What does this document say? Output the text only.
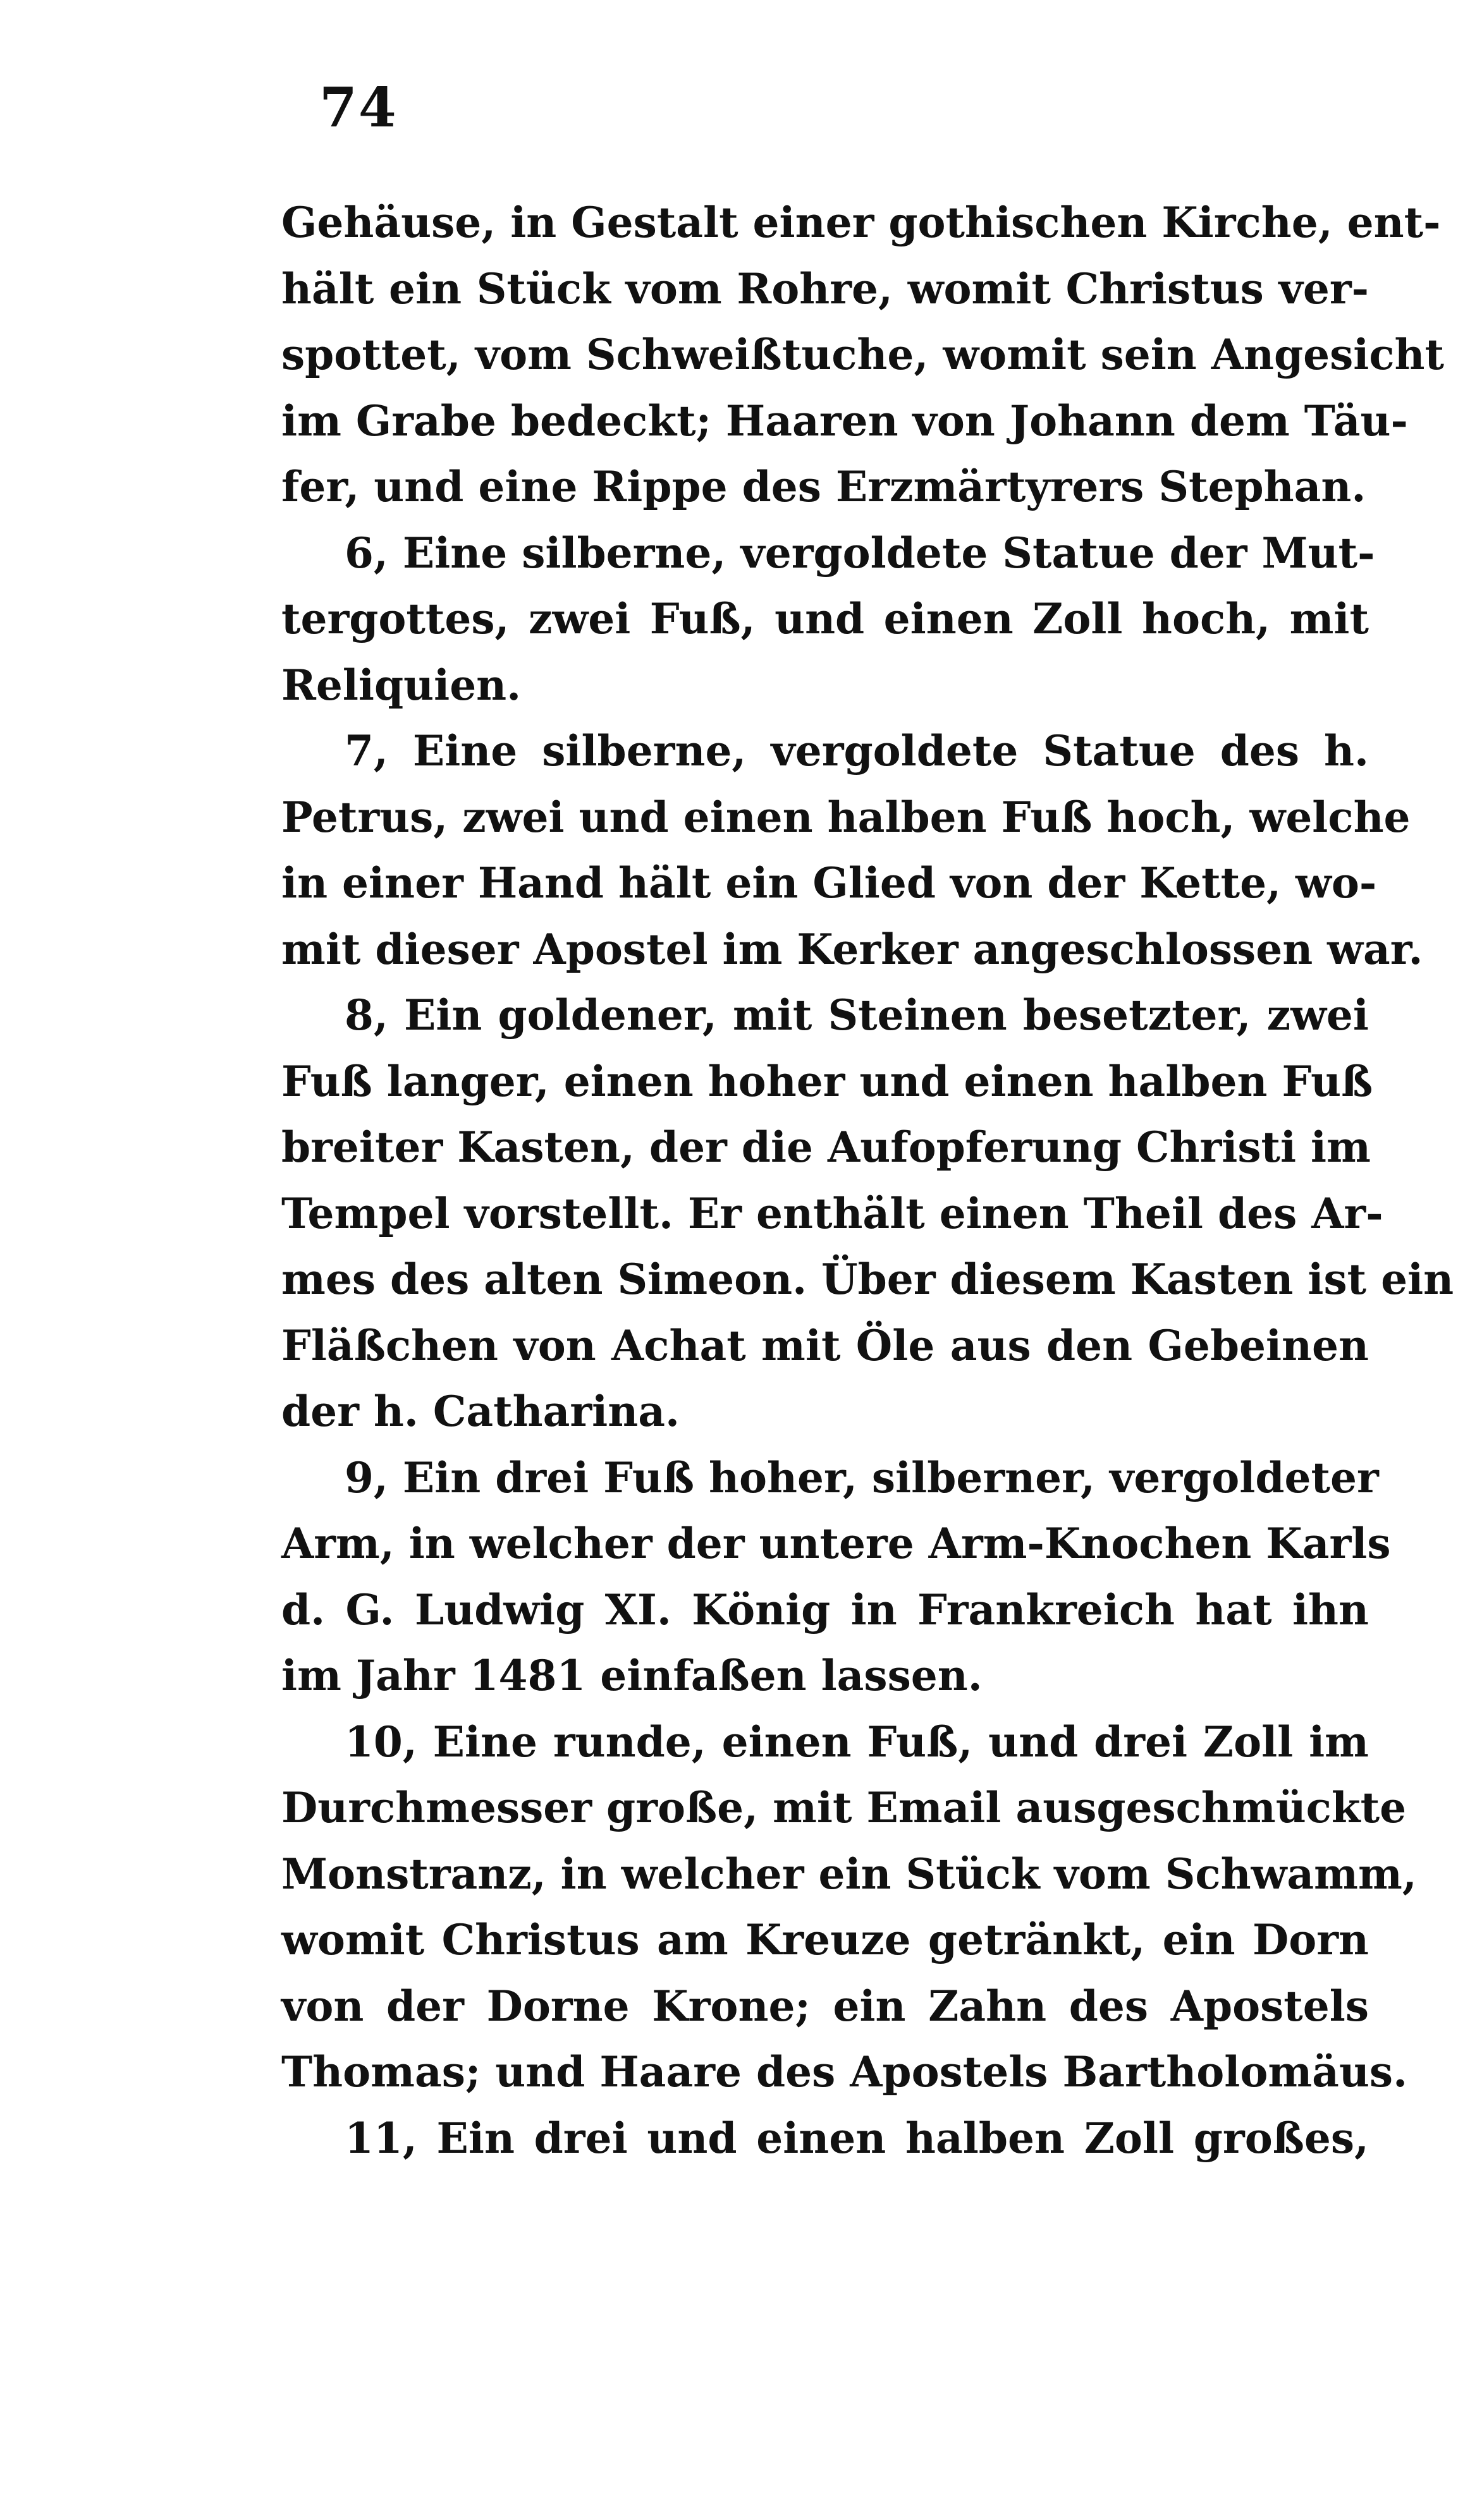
74
Gehäuse, in Gestalt einer gothischen Kirche, ent-
hält ein Stück vom Rohre, womit Christus ver-
spottet, vom Schweißtuche, womit sein Angesicht
im Grabe bedeckt; Haaren von Johann dem Täu-
fer, und eine Rippe des Erzmärtyrers Stephan.
6, Eine silberne, vergoldete Statue der Mut-
tergottes, zwei Fuß, und einen Zoll hoch, mit
Reliquien.
7, Eine silberne, vergoldete Statue des h.
Petrus, zwei und einen halben Fuß hoch, welche
in einer Hand hält ein Glied von der Kette, wo-
mit dieser Apostel im Kerker angeschlossen war.
8, Ein goldener, mit Steinen besetzter, zwei
Fuß langer, einen hoher und einen halben Fuß
breiter Kasten, der die Aufopferung Christi im
Tempel vorstellt. Er enthält einen Theil des Ar-
mes des alten Simeon. Über diesem Kasten ist ein
Fläßchen von Achat mit Öle aus den Gebeinen
der h. Catharina.
9, Ein drei Fuß hoher, silberner, vergoldeter
Arm, in welcher der untere Arm-Knochen Karls
d. G. Ludwig XI. König in Frankreich hat ihn
im Jahr 1481 einfaßen lassen.
10, Eine runde, einen Fuß, und drei Zoll im
Durchmesser große, mit Email ausgeschmückte
Monstranz, in welcher ein Stück vom Schwamm,
womit Christus am Kreuze getränkt, ein Dorn
von der Dorne Krone; ein Zahn des Apostels
Thomas; und Haare des Apostels Bartholomäus.
11, Ein drei und einen halben Zoll großes,
